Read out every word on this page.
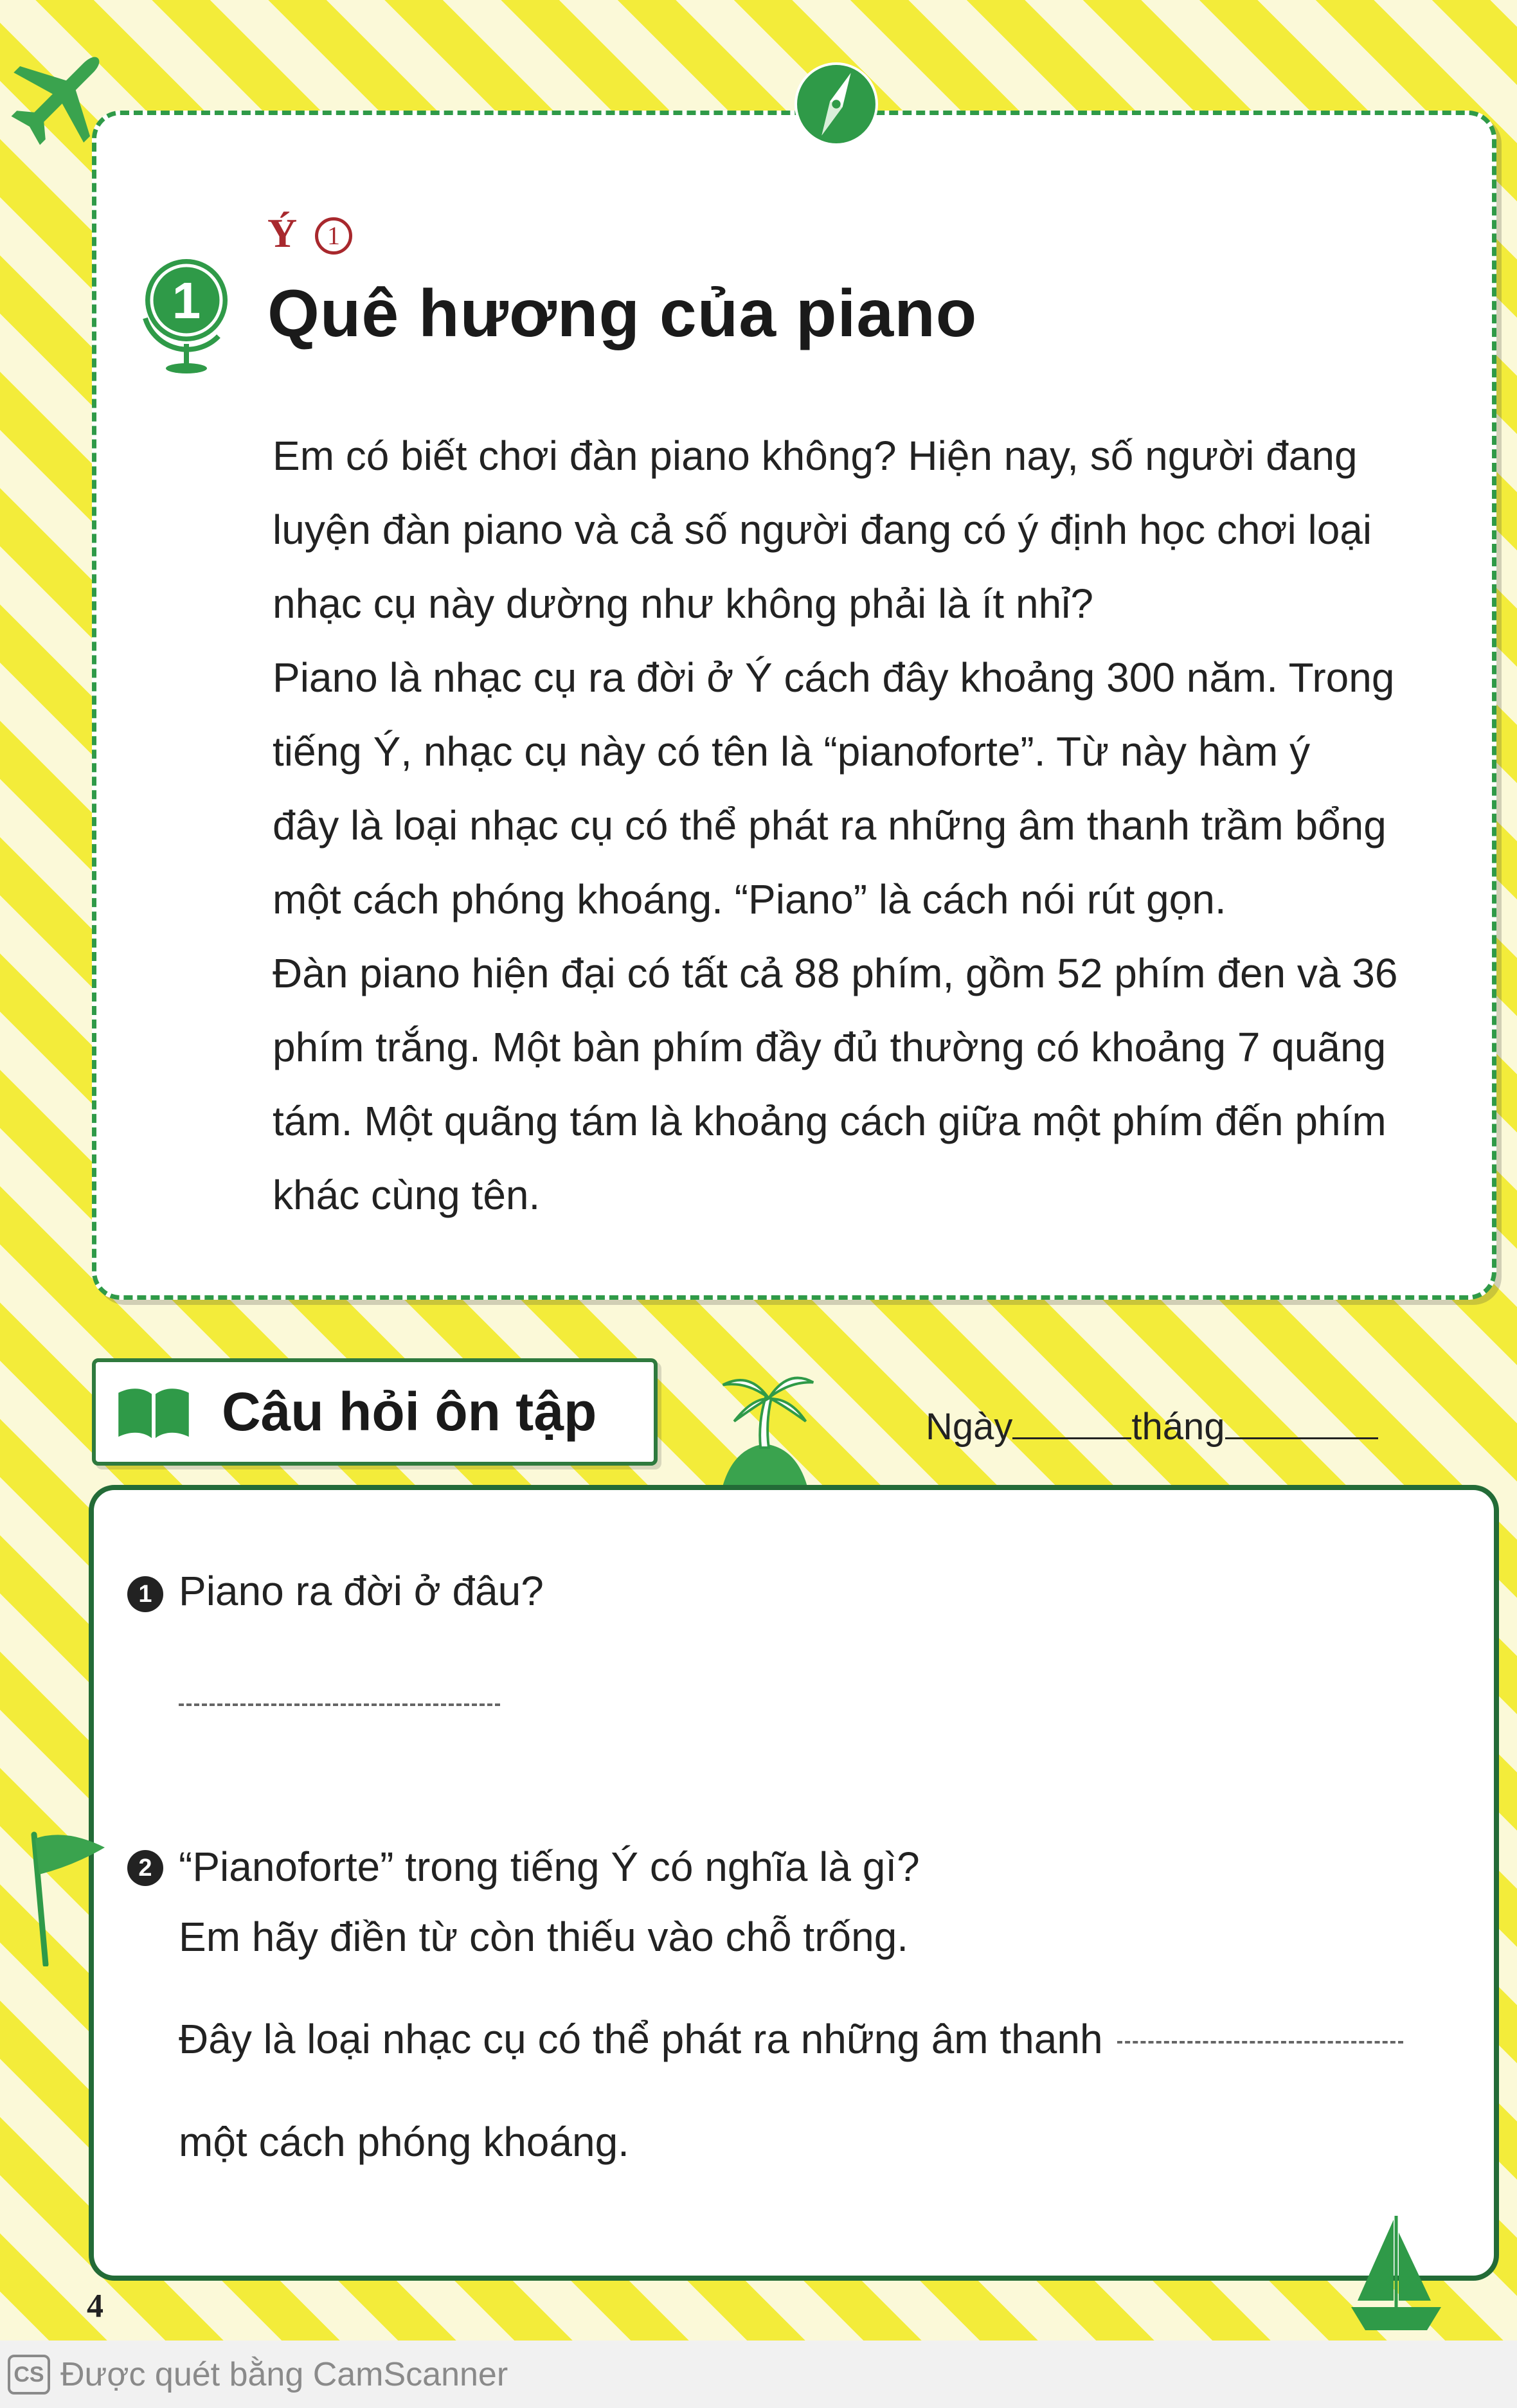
Ý	1
1 Quê hương của piano
Em có biết chơi đàn piano không? Hiện nay, số người đang
luyện đàn piano và cả số người đang có ý định học chơi loại
nhạc cụ này dường như không phải là ít nhỉ?
Piano là nhạc cụ ra đời ở Ý cách đây khoảng 300 năm. Trong
tiếng Ý, nhạc cụ này có tên là “pianoforte”. Từ này hàm ý
đây là loại nhạc cụ có thể phát ra những âm thanh trầm bổng
một cách phóng khoáng. “Piano” là cách nói rút gọn.
Đàn piano hiện đại có tất cả 88 phím, gồm 52 phím đen và 36
phím trắng. Một bàn phím đầy đủ thường có khoảng 7 quãng
tám. Một quãng tám là khoảng cách giữa một phím đến phím
khác cùng tên.
Câu hỏi ôn tập	Ngày	tháng
1 Piano ra đời ở đâu?
2 “Pianoforte” trong tiếng Ý có nghĩa là gì?
Em hãy điền từ còn thiếu vào chỗ trống.
Đây là loại nhạc cụ có thể phát ra những âm thanh
một cách phóng khoáng.
4
CS Được quét bằng CamScanner
